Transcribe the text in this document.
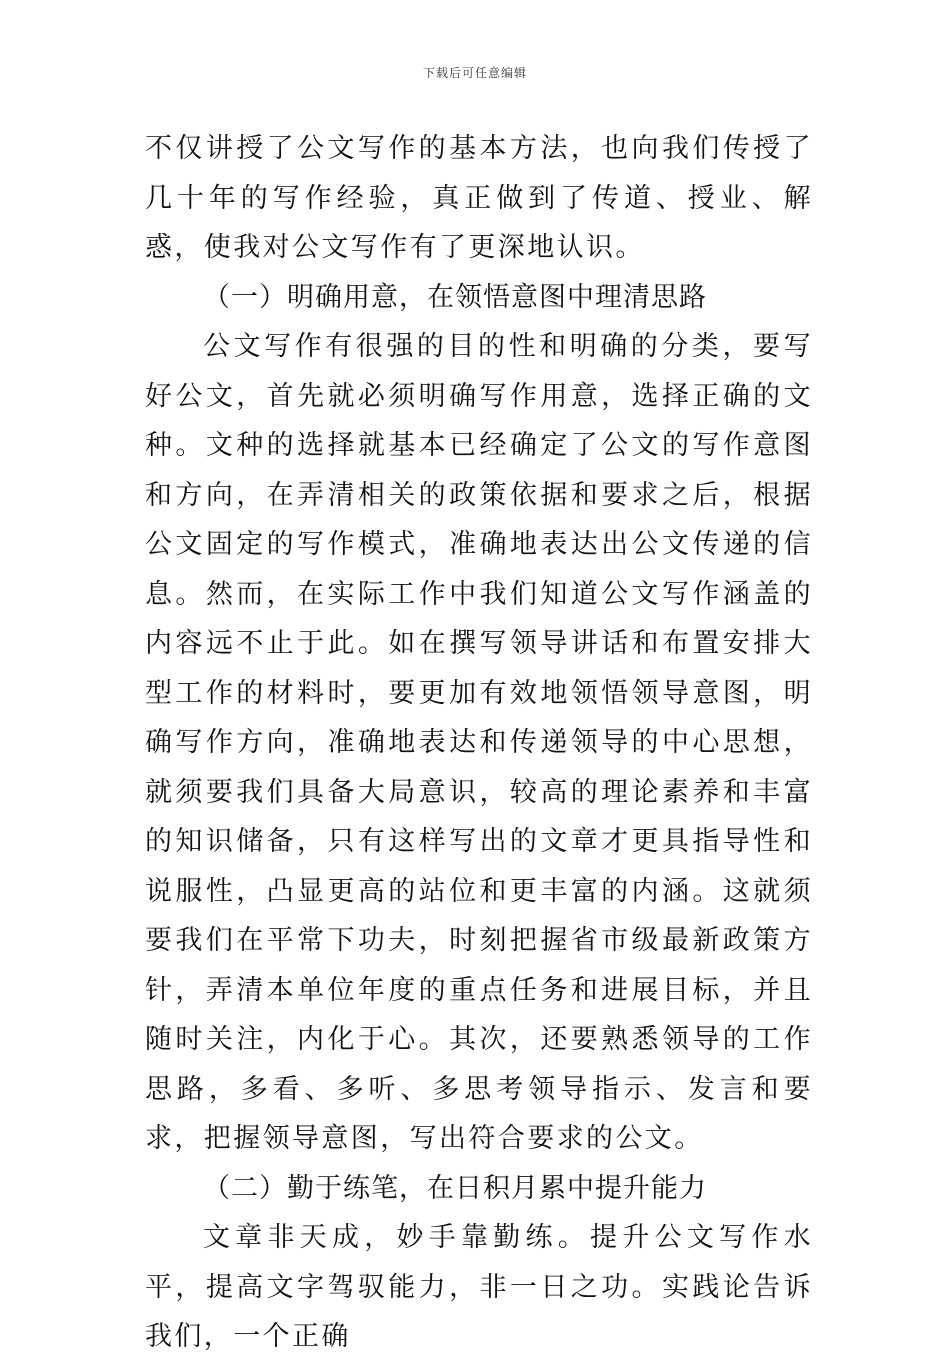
下载后可任意编辑

不仅讲授了公文写作的基本方法，也向我们传授了几十年的写作经验，真正做到了传道、授业、解惑，使我对公文写作有了更深地认识。

（一）明确用意，在领悟意图中理清思路

公文写作有很强的目的性和明确的分类，要写好公文，首先就必须明确写作用意，选择正确的文种。文种的选择就基本已经确定了公文的写作意图和方向，在弄清相关的政策依据和要求之后，根据公文固定的写作模式，准确地表达出公文传递的信息。然而，在实际工作中我们知道公文写作涵盖的内容远不止于此。如在撰写领导讲话和布置安排大型工作的材料时，要更加有效地领悟领导意图，明确写作方向，准确地表达和传递领导的中心思想，就须要我们具备大局意识，较高的理论素养和丰富的知识储备，只有这样写出的文章才更具指导性和说服性，凸显更高的站位和更丰富的内涵。这就须要我们在平常下功夫，时刻把握省市级最新政策方针，弄清本单位年度的重点任务和进展目标，并且随时关注，内化于心。其次，还要熟悉领导的工作思路，多看、多听、多思考领导指示、发言和要求，把握领导意图，写出符合要求的公文。

（二）勤于练笔，在日积月累中提升能力

文章非天成，妙手靠勤练。提升公文写作水平，提高文字驾驭能力，非一日之功。实践论告诉我们，一个正确
